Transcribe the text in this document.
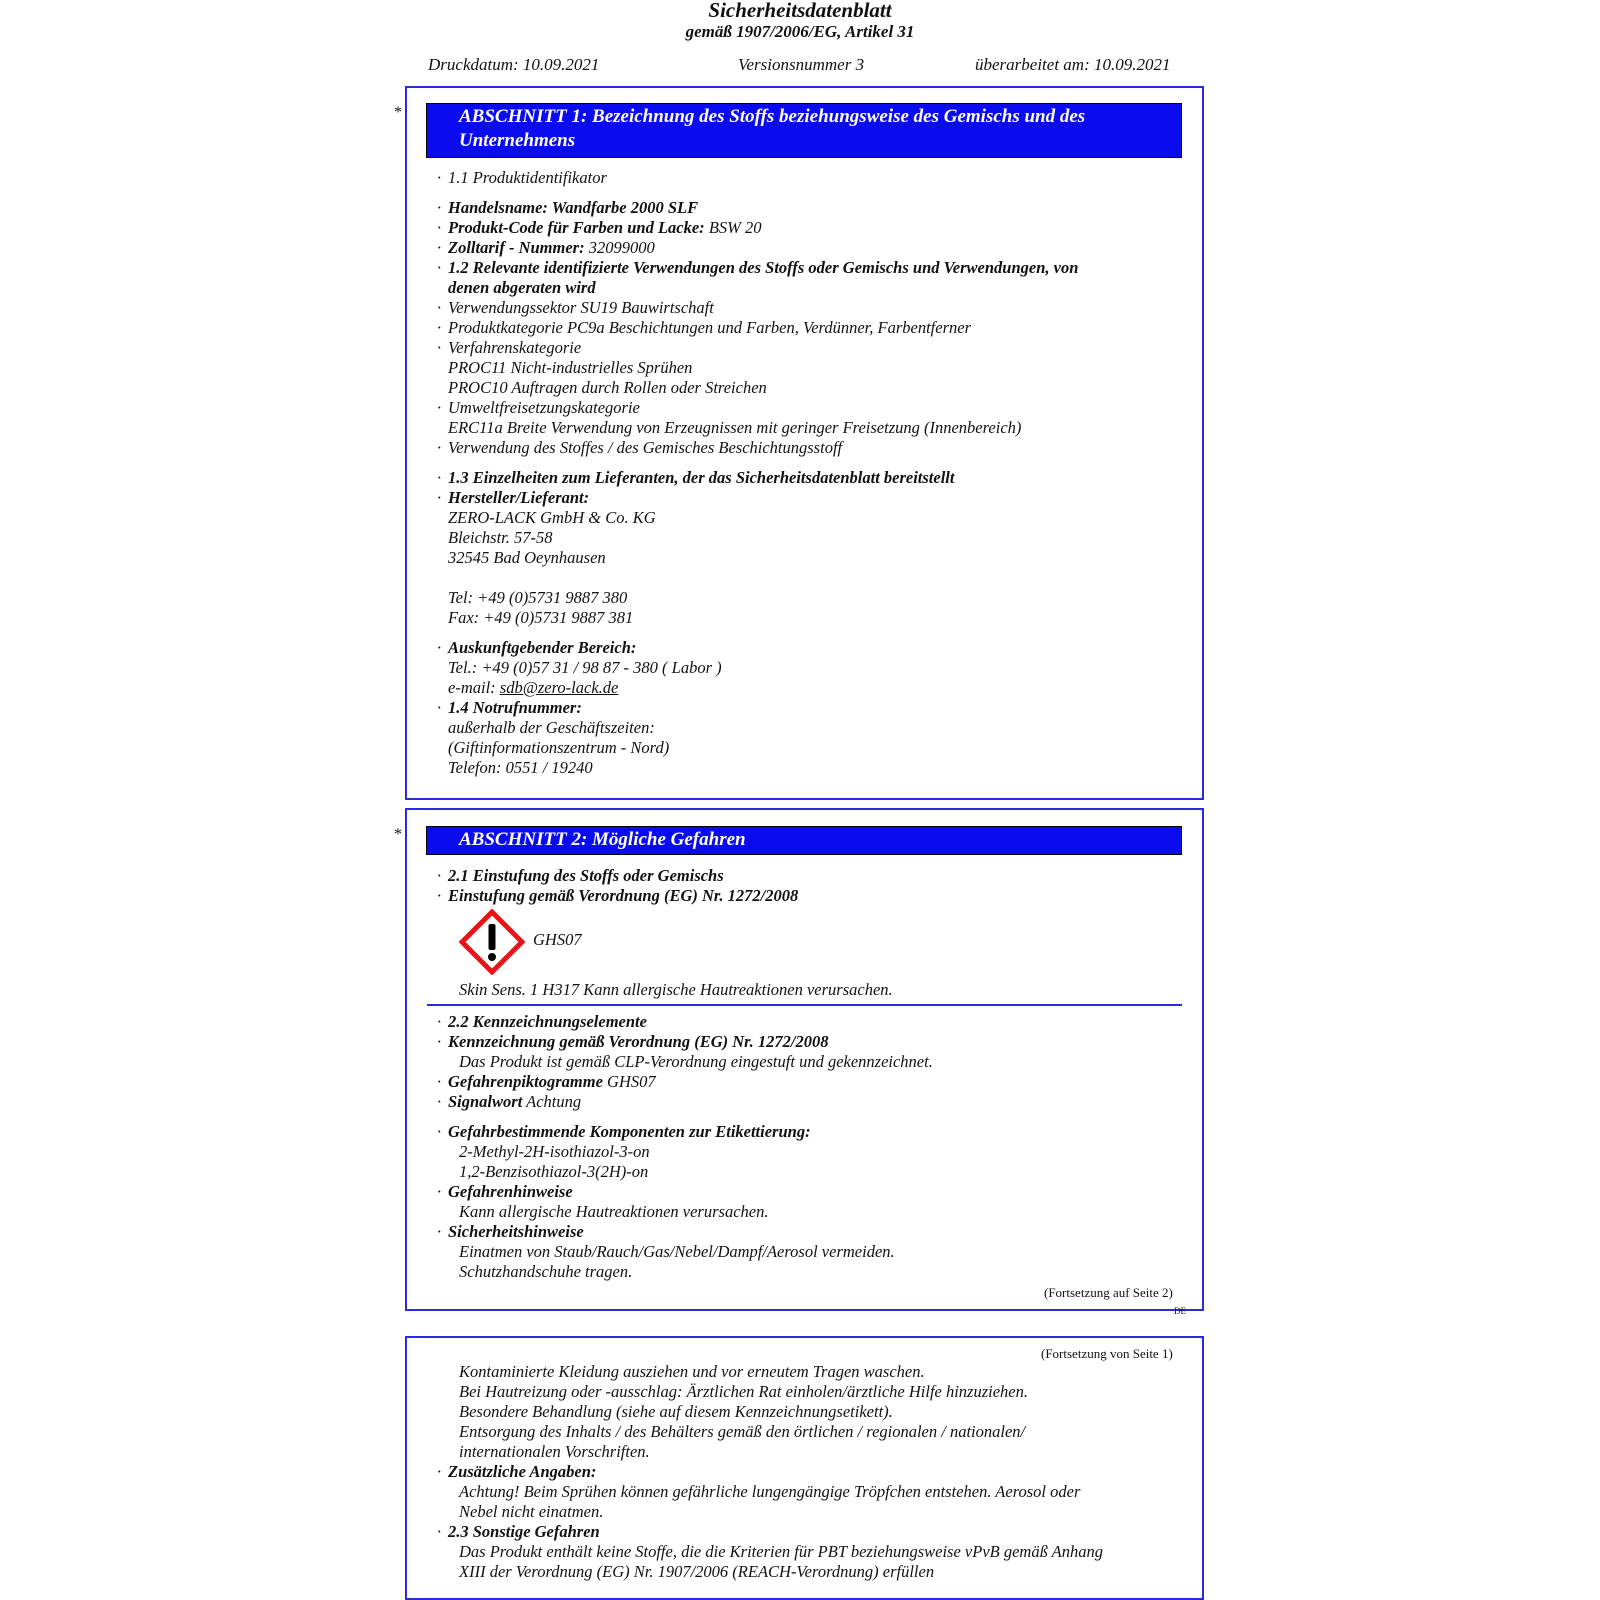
Sicherheitsdatenblatt
gemäß 1907/2006/EG, Artikel 31
Druckdatum: 10.09.2021	Versionsnummer 3	überarbeitet am: 10.09.2021
*
*
ABSCHNITT 1: Bezeichnung des Stoffs beziehungsweise des Gemischs und des
Unternehmens
· 1.1 Produktidentifikator
· Handelsname: Wandfarbe 2000 SLF
· Produkt-Code für Farben und Lacke: BSW 20
· Zolltarif - Nummer: 32099000
· 1.2 Relevante identifizierte Verwendungen des Stoffs oder Gemischs und Verwendungen, von
denen abgeraten wird
· Verwendungssektor SU19 Bauwirtschaft
· Produktkategorie PC9a Beschichtungen und Farben, Verdünner, Farbentferner
· Verfahrenskategorie
PROC11 Nicht-industrielles Sprühen
PROC10 Auftragen durch Rollen oder Streichen
· Umweltfreisetzungskategorie
ERC11a Breite Verwendung von Erzeugnissen mit geringer Freisetzung (Innenbereich)
· Verwendung des Stoffes / des Gemisches Beschichtungsstoff
· 1.3 Einzelheiten zum Lieferanten, der das Sicherheitsdatenblatt bereitstellt
· Hersteller/Lieferant:
ZERO-LACK GmbH & Co. KG
Bleichstr. 57-58
32545 Bad Oeynhausen
Tel: +49 (0)5731 9887 380
Fax: +49 (0)5731 9887 381
· Auskunftgebender Bereich:
Tel.: +49 (0)57 31 / 98 87 - 380 ( Labor )
e-mail: sdb@zero-lack.de
· 1.4 Notrufnummer:
außerhalb der Geschäftszeiten:
(Giftinformationszentrum - Nord)
Telefon: 0551 / 19240
ABSCHNITT 2: Mögliche Gefahren
· 2.1 Einstufung des Stoffs oder Gemischs
· Einstufung gemäß Verordnung (EG) Nr. 1272/2008
GHS07
Skin Sens. 1 H317 Kann allergische Hautreaktionen verursachen.
· 2.2 Kennzeichnungselemente
· Kennzeichnung gemäß Verordnung (EG) Nr. 1272/2008
Das Produkt ist gemäß CLP-Verordnung eingestuft und gekennzeichnet.
· Gefahrenpiktogramme GHS07
· Signalwort Achtung
· Gefahrbestimmende Komponenten zur Etikettierung:
2-Methyl-2H-isothiazol-3-on
1,2-Benzisothiazol-3(2H)-on
· Gefahrenhinweise
Kann allergische Hautreaktionen verursachen.
· Sicherheitshinweise
Einatmen von Staub/Rauch/Gas/Nebel/Dampf/Aerosol vermeiden.
Schutzhandschuhe tragen.
(Fortsetzung auf Seite 2)
DE
(Fortsetzung von Seite 1)
Kontaminierte Kleidung ausziehen und vor erneutem Tragen waschen.
Bei Hautreizung oder -ausschlag: Ärztlichen Rat einholen/ärztliche Hilfe hinzuziehen.
Besondere Behandlung (siehe auf diesem Kennzeichnungsetikett).
Entsorgung des Inhalts / des Behälters gemäß den örtlichen / regionalen / nationalen/
internationalen Vorschriften.
· Zusätzliche Angaben:
Achtung! Beim Sprühen können gefährliche lungengängige Tröpfchen entstehen. Aerosol oder
Nebel nicht einatmen.
· 2.3 Sonstige Gefahren
Das Produkt enthält keine Stoffe, die die Kriterien für PBT beziehungsweise vPvB gemäß Anhang
XIII der Verordnung (EG) Nr. 1907/2006 (REACH-Verordnung) erfüllen
